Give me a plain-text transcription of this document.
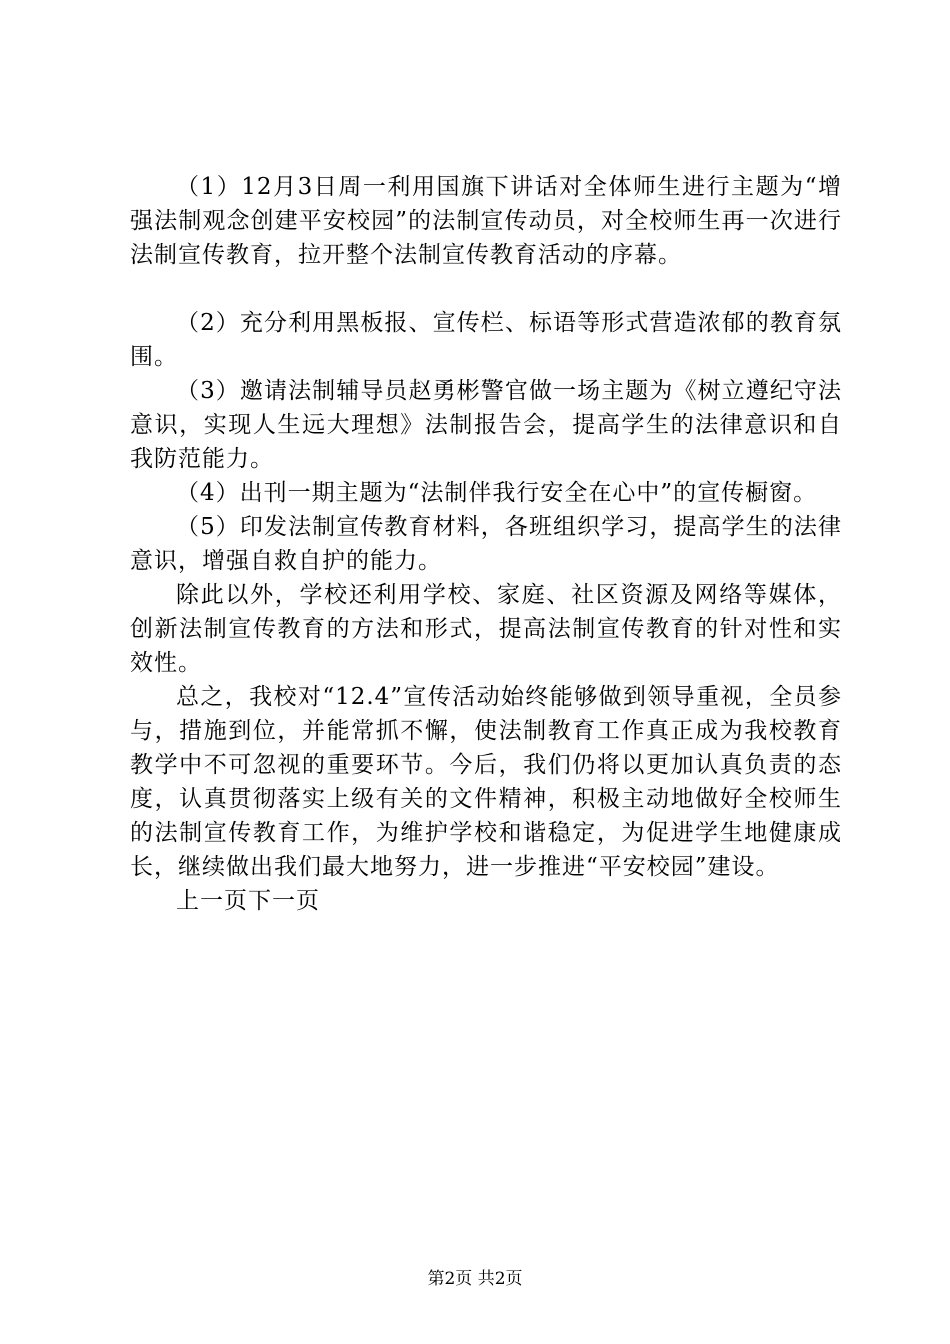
（1）12月3日周一利用国旗下讲话对全体师生进行主题为“增强法制观念创建平安校园”的法制宣传动员，对全校师生再一次进行法制宣传教育，拉开整个法制宣传教育活动的序幕。

（2）充分利用黑板报、宣传栏、标语等形式营造浓郁的教育氛围。

（3）邀请法制辅导员赵勇彬警官做一场主题为《树立遵纪守法意识，实现人生远大理想》法制报告会，提高学生的法律意识和自我防范能力。

（4）出刊一期主题为“法制伴我行安全在心中”的宣传橱窗。

（5）印发法制宣传教育材料，各班组织学习，提高学生的法律意识，增强自救自护的能力。

除此以外，学校还利用学校、家庭、社区资源及网络等媒体，创新法制宣传教育的方法和形式，提高法制宣传教育的针对性和实效性。

总之，我校对“12.4”宣传活动始终能够做到领导重视，全员参与，措施到位，并能常抓不懈，使法制教育工作真正成为我校教育教学中不可忽视的重要环节。今后，我们仍将以更加认真负责的态度，认真贯彻落实上级有关的文件精神，积极主动地做好全校师生的法制宣传教育工作，为维护学校和谐稳定，为促进学生地健康成长，继续做出我们最大地努力，进一步推进“平安校园”建设。

上一页下一页

第2页 共2页
